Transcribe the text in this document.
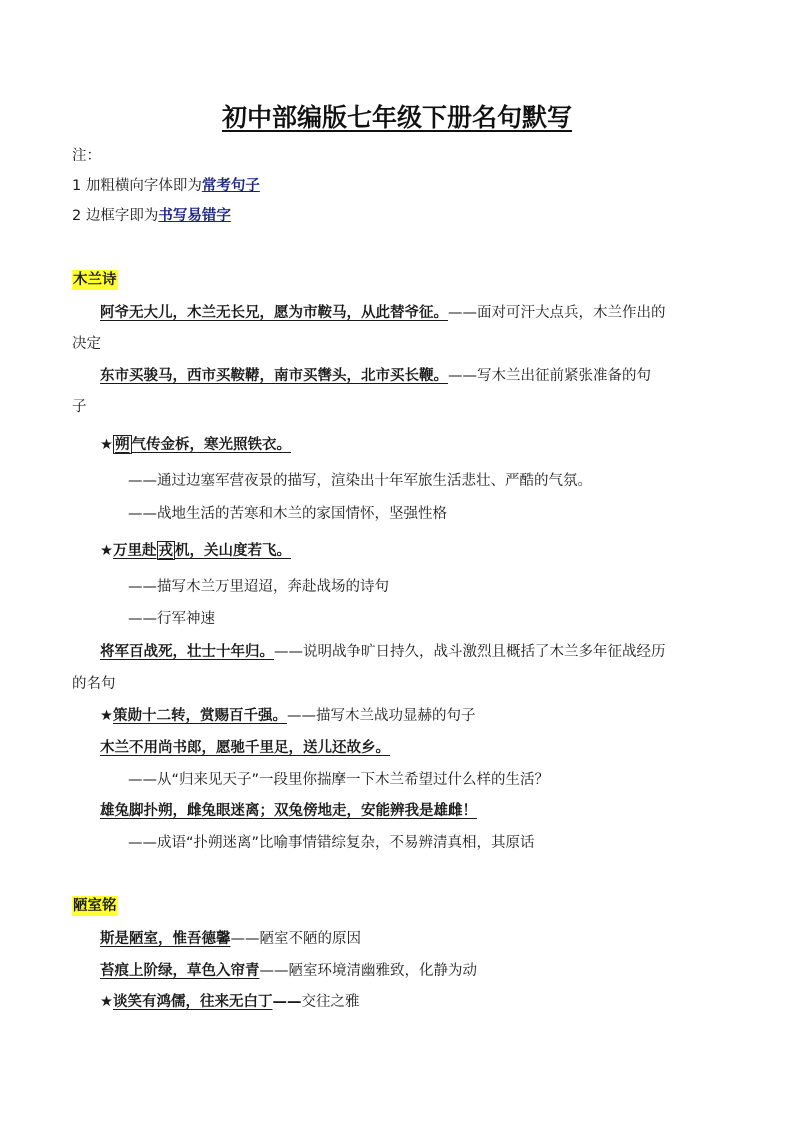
初中部编版七年级下册名句默写
注：
1 加粗横向字体即为常考句子
2 边框字即为书写易错字
木兰诗
阿爷无大儿，木兰无长兄，愿为市鞍马，从此替爷征。——面对可汗大点兵，木兰作出的
决定
东市买骏马，西市买鞍鞯，南市买辔头，北市买长鞭。——写木兰出征前紧张准备的句
子
★ 朔 气传金柝，寒光照铁衣。
——通过边塞军营夜景的描写，渲染出十年军旅生活悲壮、严酷的气氛。
——战地生活的苦寒和木兰的家国情怀，坚强性格
★万里赴 戎 机，关山度若飞。
——描写木兰万里迢迢，奔赴战场的诗句
——行军神速
将军百战死，壮士十年归。——说明战争旷日持久，战斗激烈且概括了木兰多年征战经历
的名句
★策勋十二转，赏赐百千强。——描写木兰战功显赫的句子
木兰不用尚书郎，愿驰千里足，送儿还故乡。
——从“归来见天子”一段里你揣摩一下木兰希望过什么样的生活？
雄兔脚扑朔，雌兔眼迷离；双兔傍地走，安能辨我是雄雌！
——成语“扑朔迷离”比喻事情错综复杂，不易辨清真相，其原话
陋室铭
斯是陋室，惟吾德馨——陋室不陋的原因
苔痕上阶绿，草色入帘青——陋室环境清幽雅致，化静为动
★谈笑有鸿儒，往来无白丁——交往之雅
